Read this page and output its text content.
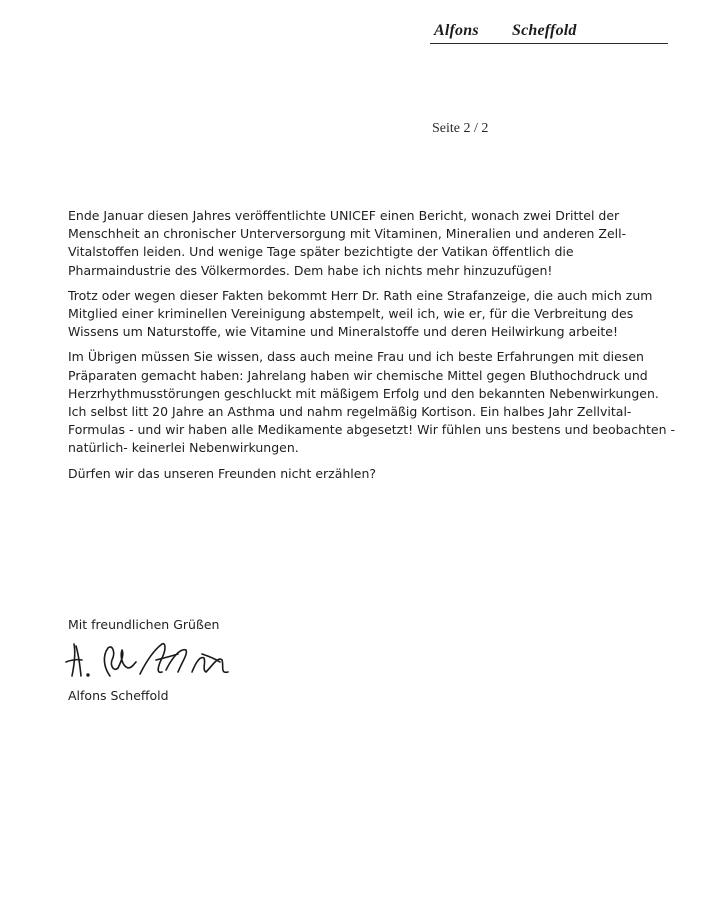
Alfons Scheffold
Seite 2 / 2

Ende Januar diesen Jahres veröffentlichte UNICEF einen Bericht, wonach zwei Drittel der Menschheit an chronischer Unterversorgung mit Vitaminen, Mineralien und anderen Zell-Vitalstoffen leiden. Und wenige Tage später bezichtigte der Vatikan öffentlich die Pharmaindustrie des Völkermordes. Dem habe ich nichts mehr hinzuzufügen!

Trotz oder wegen dieser Fakten bekommt Herr Dr. Rath eine Strafanzeige, die auch mich zum Mitglied einer kriminellen Vereinigung abstempelt, weil ich, wie er, für die Verbreitung des Wissens um Naturstoffe, wie Vitamine und Mineralstoffe und deren Heilwirkung arbeite!

Im Übrigen müssen Sie wissen, dass auch meine Frau und ich beste Erfahrungen mit diesen Präparaten gemacht haben: Jahrelang haben wir chemische Mittel gegen Bluthochdruck und Herzrhythmusstörungen geschluckt mit mäßigem Erfolg und den bekannten Nebenwirkungen. Ich selbst litt 20 Jahre an Asthma und nahm regelmäßig Kortison. Ein halbes Jahr Zellvital-Formulas - und wir haben alle Medikamente abgesetzt! Wir fühlen uns bestens und beobachten -natürlich- keinerlei Nebenwirkungen.

Dürfen wir das unseren Freunden nicht erzählen?

Mit freundlichen Grüßen
Alfons Scheffold
